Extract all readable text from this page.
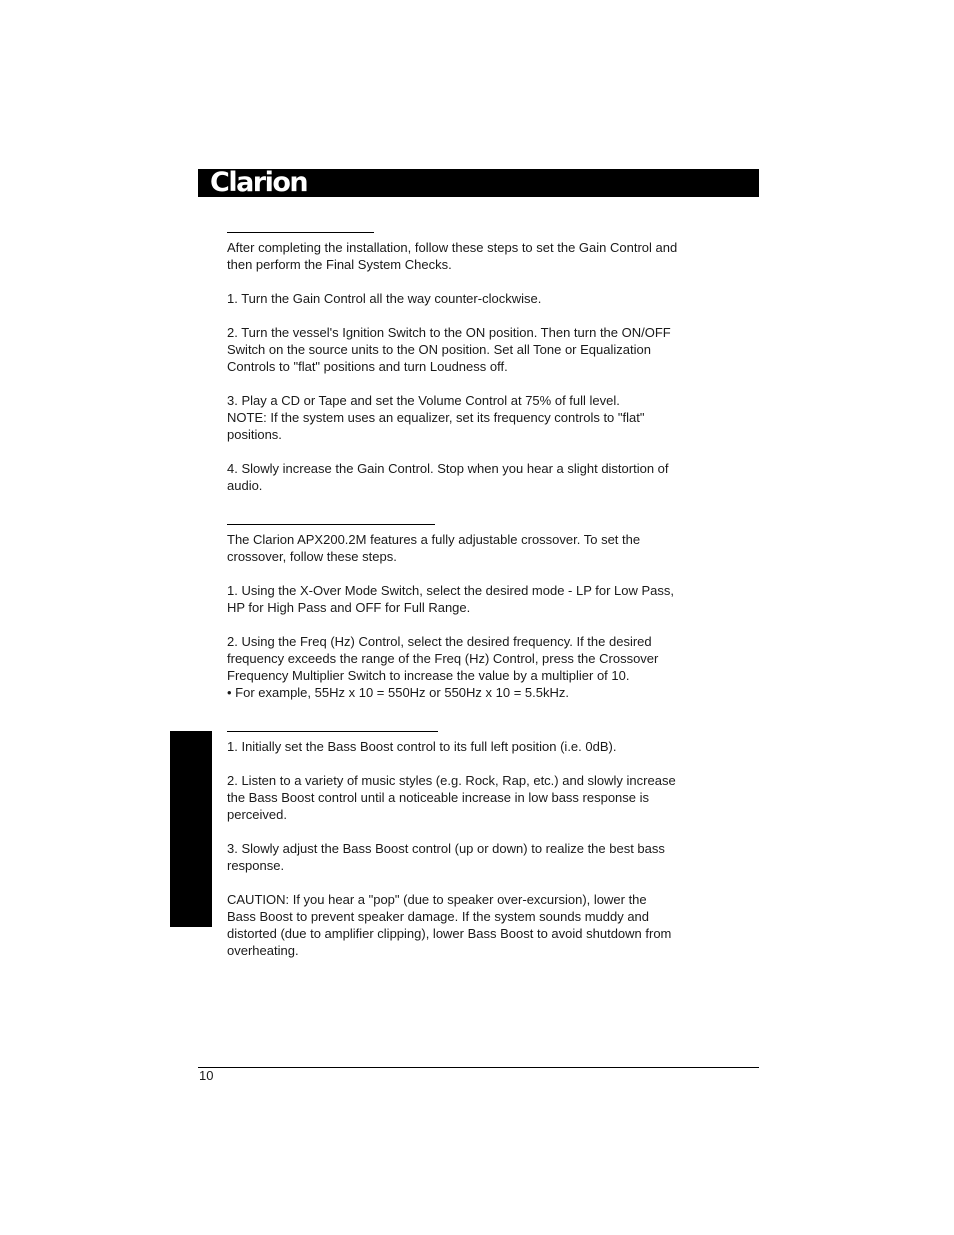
Clarion

After completing the installation, follow these steps to set the Gain Control and
then perform the Final System Checks.

1. Turn the Gain Control all the way counter-clockwise.

2. Turn the vessel's Ignition Switch to the ON position. Then turn the ON/OFF
Switch on the source units to the ON position. Set all Tone or Equalization
Controls to "flat" positions and turn Loudness off.

3. Play a CD or Tape and set the Volume Control at 75% of full level.
NOTE: If the system uses an equalizer, set its frequency controls to "flat"
positions.

4. Slowly increase the Gain Control. Stop when you hear a slight distortion of
audio.

The Clarion APX200.2M features a fully adjustable crossover. To set the
crossover, follow these steps.

1. Using the X-Over Mode Switch, select the desired mode - LP for Low Pass,
HP for High Pass and OFF for Full Range.

2. Using the Freq (Hz) Control, select the desired frequency. If the desired
frequency exceeds the range of the Freq (Hz) Control, press the Crossover
Frequency Multiplier Switch to increase the value by a multiplier of 10.
• For example, 55Hz x 10 = 550Hz or 550Hz x 10 = 5.5kHz.

1. Initially set the Bass Boost control to its full left position (i.e. 0dB).

2. Listen to a variety of music styles (e.g. Rock, Rap, etc.) and slowly increase
the Bass Boost control until a noticeable increase in low bass response is
perceived.

3. Slowly adjust the Bass Boost control (up or down) to realize the best bass
response.

CAUTION: If you hear a "pop" (due to speaker over-excursion), lower the
Bass Boost to prevent speaker damage. If the system sounds muddy and
distorted (due to amplifier clipping), lower Bass Boost to avoid shutdown from
overheating.

10
